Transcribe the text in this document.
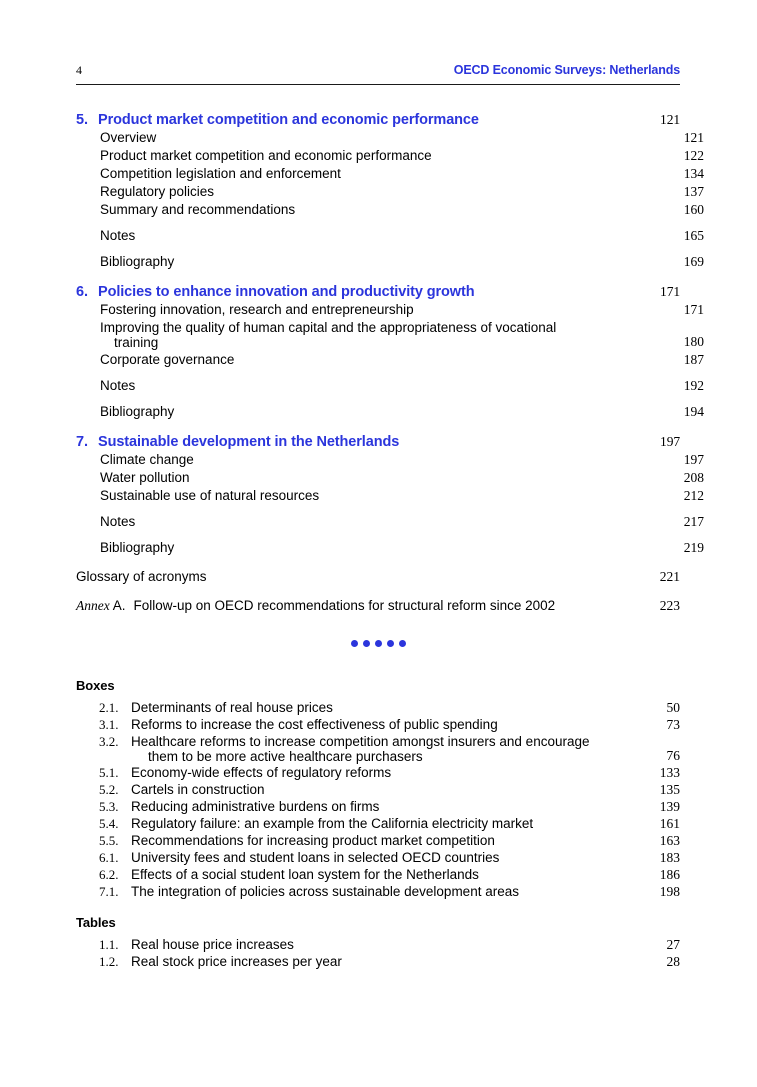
4	OECD Economic Surveys: Netherlands
5. Product market competition and economic performance	121
Overview	121
Product market competition and economic performance	122
Competition legislation and enforcement	134
Regulatory policies	137
Summary and recommendations	160
Notes	165
Bibliography	169
6. Policies to enhance innovation and productivity growth	171
Fostering innovation, research and entrepreneurship	171
Improving the quality of human capital and the appropriateness of vocational
training	180
Corporate governance	187
Notes	192
Bibliography	194
7. Sustainable development in the Netherlands	197
Climate change	197
Water pollution	208
Sustainable use of natural resources	212
Notes	217
Bibliography	219
Glossary of acronyms	221
Annex A. Follow-up on OECD recommendations for structural reform since 2002	223
Boxes
2.1. Determinants of real house prices	50
3.1. Reforms to increase the cost effectiveness of public spending	73
3.2. Healthcare reforms to increase competition amongst insurers and encourage
them to be more active healthcare purchasers	76
5.1. Economy-wide effects of regulatory reforms	133
5.2. Cartels in construction	135
5.3. Reducing administrative burdens on firms	139
5.4. Regulatory failure: an example from the California electricity market	161
5.5. Recommendations for increasing product market competition	163
6.1. University fees and student loans in selected OECD countries	183
6.2. Effects of a social student loan system for the Netherlands	186
7.1. The integration of policies across sustainable development areas	198
Tables
1.1. Real house price increases	27
1.2. Real stock price increases per year	28
